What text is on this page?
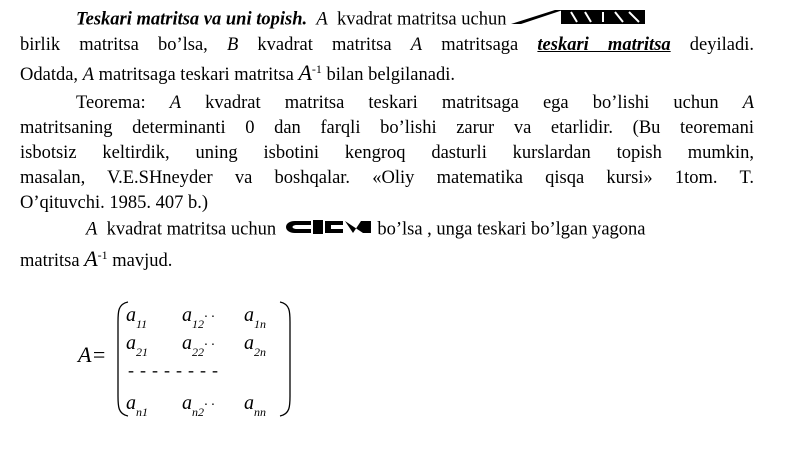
Teskari matritsa va uni topish. A kvadrat matritsa uchun
birlik matritsa bo’lsa, B kvadrat matritsa A matritsaga teskari matritsa deyiladi.
Odatda, A matritsaga teskari matritsa $A^{-1}$ bilan belgilanadi.
Teorema: A kvadrat matritsa teskari matritsaga ega bo’lishi uchun A
matritsaning determinanti 0 dan farqli bo’lishi zarur va etarlidir. (Bu teoremani
isbotsiz keltirdik, uning isbotini kengroq dasturli kurslardan topish mumkin,
masalan, V.E.SHneyder va boshqalar. «Oliy matematika qisqa kursi» 1tom. T.
O’qituvchi. 1985. 407 b.)
A kvadrat matritsa uchun	bo’lsa , unga teskari bo’lgan yagona
matritsa $A^{-1}$ mavjud.
A=
$a_{11}$ $a_{12}\cdot \cdot a_{1n}$
$a_{21}$ $a_{22}\cdot \cdot a_{2n}$
--------
$a_{n1}$ $a_{n2}\cdot \cdot a_{nn}$
